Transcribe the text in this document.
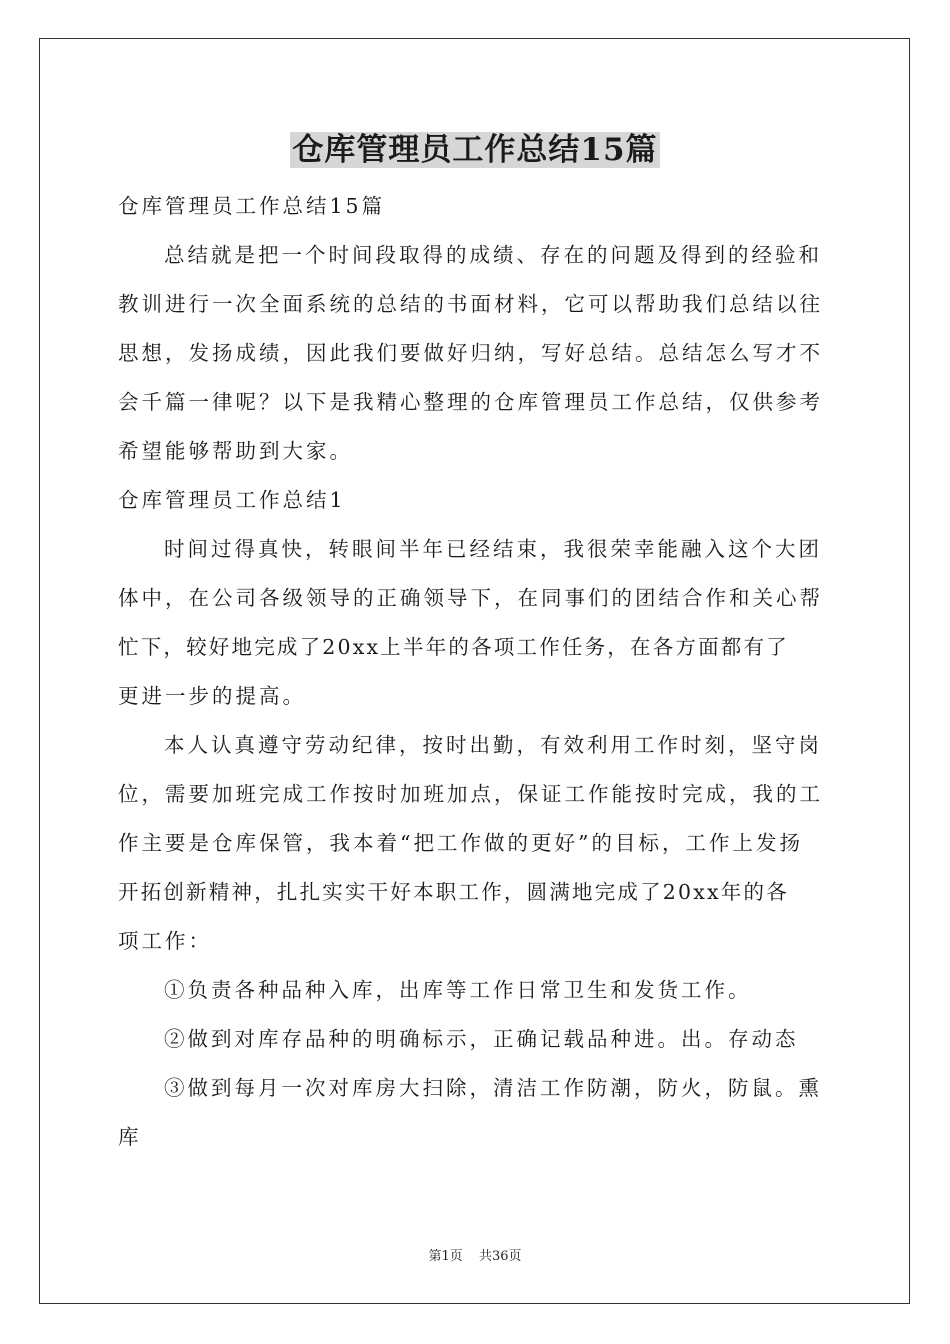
仓库管理员工作总结15篇
仓库管理员工作总结15篇
总结就是把一个时间段取得的成绩、存在的问题及得到的经验和
教训进行一次全面系统的总结的书面材料，它可以帮助我们总结以往
思想，发扬成绩，因此我们要做好归纳，写好总结。总结怎么写才不
会千篇一律呢？以下是我精心整理的仓库管理员工作总结，仅供参考
希望能够帮助到大家。
仓库管理员工作总结1
时间过得真快，转眼间半年已经结束，我很荣幸能融入这个大团
体中，在公司各级领导的正确领导下，在同事们的团结合作和关心帮
忙下，较好地完成了20xx上半年的各项工作任务，在各方面都有了
更进一步的提高。
本人认真遵守劳动纪律，按时出勤，有效利用工作时刻，坚守岗
位，需要加班完成工作按时加班加点，保证工作能按时完成，我的工
作主要是仓库保管，我本着“把工作做的更好”的目标，工作上发扬
开拓创新精神，扎扎实实干好本职工作，圆满地完成了20xx年的各
项工作：
①负责各种品种入库，出库等工作日常卫生和发货工作。
②做到对库存品种的明确标示，正确记载品种进。出。存动态
③做到每月一次对库房大扫除，清洁工作防潮，防火，防鼠。熏
库
第1页 共36页
